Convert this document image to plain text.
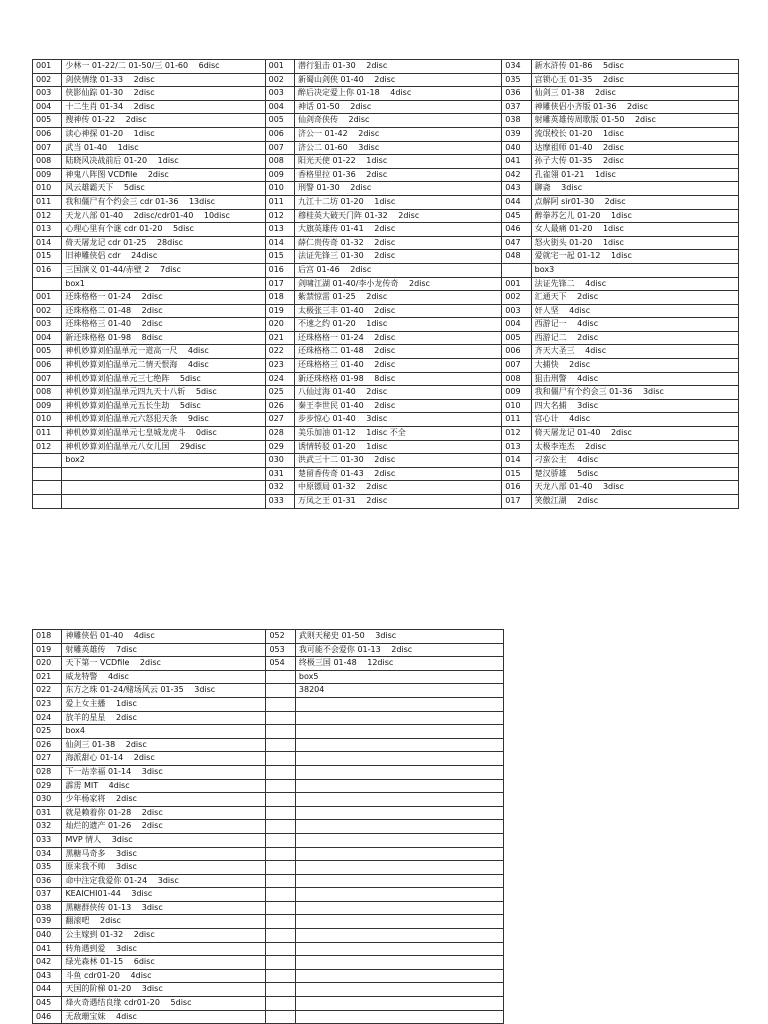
001	少林一 01-22/二 01-50/三 01-60　 6disc	001	潜行狙击 01-30　 2disc	034	新水浒传 01-86　 5disc
002	剑侠情缘 01-33　 2disc	002	新蜀山剑侠 01-40　 2disc	035	宫锁心玉 01-35　 2disc
003	侠影仙踪 01-30　 2disc	003	醉后决定爱上你 01-18　 4disc	036	仙剑三 01-38　 2disc
004	十二生肖 01-34　 2disc	004	神话 01-50　 2disc	037	神雕侠侣小齐版 01-36　 2disc
005	搜神传 01-22　 2disc	005	仙剑奇侠传　 2disc	038	射雕英雄传周歌版 01-50　 2disc
006	读心神探 01-20　 1disc	006	济公一 01-42　 2disc	039	流氓校长 01-20　 1disc
007	武当 01-40　 1disc	007	济公二 01-60　 3disc	040	达摩祖师 01-40　 2disc
008	陆晓风决战前后 01-20　 1disc	008	阳光天使 01-22　 1disc	041	孙子大传 01-35　 2disc
009	神鬼八阵图 VCDfile　 2disc	009	香格里拉 01-36　 2disc	042	孔雀翎 01-21　 1disc
010	风云雄霸天下　 5disc	010	刑警 01-30　 2disc	043	聊斋　 3disc
011	我和僵尸有个约会三 cdr 01-36　 13disc	011	九江十二坊 01-20　 1disc	044	点解阿 sir01-30　 2disc
012	天龙八部 01-40　 2disc/cdr01-40　 10disc	012	穆桂英大破天门阵 01-32　 2disc	045	醉拳苏乞儿 01-20　 1disc
013	心理心里有个谜 cdr 01-20　 5disc	013	大旗英雄传 01-41　 2disc	046	女人最痛 01-20　 1disc
014	倚天屠龙记 cdr 01-25　 28disc	014	薛仁贵传奇 01-32　 2disc	047	怒火街头 01-20　 1disc
015	旧神雕侠侣 cdr　 24disc	015	法证先锋三 01-30　 2disc	048	爱就宅一起 01-12　 1disc
016	三国演义 01-44/赤壁 2　 7disc	016	后宫 01-46　 2disc		box3
	box1	017	剑啸江湖 01-40/李小龙传奇　 2disc	001	法证先锋二　 4disc
001	还珠格格一 01-24　 2disc	018	紫禁惊雷 01-25　 2disc	002	汇通天下　 2disc
002	还珠格格二 01-48　 2disc	019	太极张三丰 01-40　 2disc	003	奸人坚　 4disc
003	还珠格格三 01-40　 2disc	020	不速之约 01-20　 1disc	004	西游记一　 4disc
004	新还珠格格 01-98　 8disc	021	还珠格格一 01-24　 2disc	005	西游记二　 2disc
005	神机妙算刘伯温单元一道高一尺　 4disc	022	还珠格格二 01-48　 2disc	006	齐天大圣三　 4disc
006	神机妙算刘伯温单元二情天恨海　 4disc	023	还珠格格三 01-40　 2disc	007	大捕快　 2disc
007	神机妙算刘伯温单元三七绝阵　 5disc	024	新还珠格格 01-98　 8disc	008	狙击刑警　 4disc
008	神机妙算刘伯温单元四九天十八斩　 5disc	025	八仙过海 01-40　 2disc	009	我和僵尸有个约会三 01-36　 3disc
009	神机妙算刘伯温单元五长生劫　 5disc	026	秦王李世民 01-40　 2disc	010	四大名捕　 3disc
010	神机妙算刘伯温单元六怒犯天条　 9disc	027	步步惊心 01-40　 3disc	011	宫心计　 4disc
011	神机妙算刘伯温单元七皇城龙虎斗　 0disc	028	美乐加油 01-12　 1disc 不全	012	倚天屠龙记 01-40　 2disc
012	神机妙算刘伯温单元八女儿国　 29disc	029	诱情转驳 01-20　 1disc	013	太极李连杰　 2disc
	box2	030	洪武三十二 01-30　 2disc	014	刁蛮公主　 4disc
		031	楚留香传奇 01-43　 2disc	015	楚汉骄雄　 5disc
		032	中原镖局 01-32　 2disc	016	天龙八部 01-40　 3disc
		033	万凤之王 01-31　 2disc	017	笑傲江湖　 2disc
018	神雕侠侣 01-40　 4disc	052	武则天秘史 01-50　 3disc
019	射雕英雄传　 7disc	053	我可能不会爱你 01-13　 2disc
020	天下第一 VCDfile　 2disc	054	终极三国 01-48　 12disc
021	威龙特警　 4disc		box5
022	东方之珠 01-24/赌场风云 01-35　 3disc		38204
023	爱上女主播　 1disc		
024	放羊的星星　 2disc		
025	box4		
026	仙剑三 01-38　 2disc		
027	海派甜心 01-14　 2disc		
028	下一站幸福 01-14　 3disc		
029	霹雳 MIT　 4disc		
030	少年杨家将　 2disc		
031	就是赖着你 01-28　 2disc		
032	灿烂的遗产 01-26　 2disc		
033	MVP 情人　 3disc		
034	黑糖马奇多　 3disc		
035	原来我不帅　 3disc		
036	命中注定我爱你 01-24　 3disc		
037	KEAICHI01-44　 3disc		
038	黑糖群侠传 01-13　 3disc		
039	翻滚吧　 2disc		
040	公主嫁到 01-32　 2disc		
041	转角遇到爱　 3disc		
042	绿光森林 01-15　 6disc		
043	斗鱼 cdr01-20　 4disc		
044	天国的阶梯 01-20　 3disc		
045	烽火奇遇结良缘 cdr01-20　 5disc		
046	无敌珊宝妹　 4disc		
